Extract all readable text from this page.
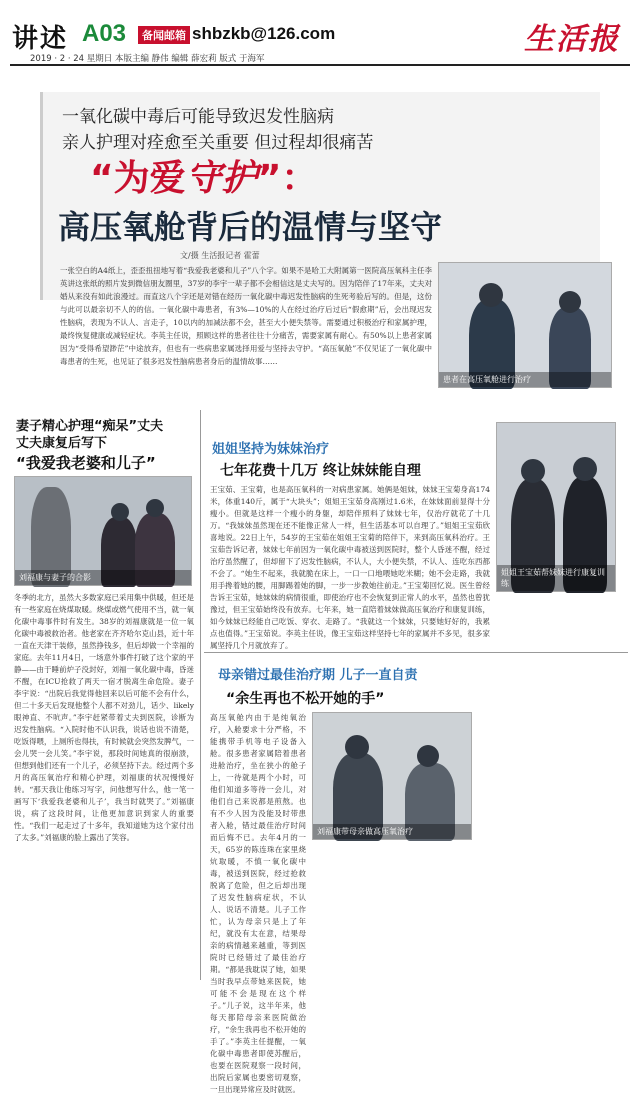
讲述 A03	备闻邮箱 shbzkb@126.com	生活报
2019 · 2 · 24 星期日 本版主编 静伟 编辑 薛宏莉 版式 于海军
一氧化碳中毒后可能导致迟发性脑病
亲人护理对痊愈至关重要 但过程却很痛苦
“为爱守护”：
高压氧舱背后的温情与坚守
文/摄 生活报记者 霍蕾
一张空白的A4纸上，歪歪扭扭地写着“我爱我老婆和儿子”八个字。如果不是哈工大附属第一医院高压氧科主任李英讲这张纸的照片发到微信朋友圈里，37岁的李宇一辈子都不会相信这是丈夫写的。因为陪伴了17年来，丈夫对婚从来没有如此浪漫过。而直这八个字还是对错在经历一氧化碳中毒迟发性脑病的生死考验后写的。但是，这份与此可以最亲切不人的的信。一氧化碳中毒患者，有3%—10%的人在经过治疗后过后“假愈期”后，会出现迟发性脑病，表现为不认人、言走子，10以内的加减法都不会，甚至大小便失禁等。需要通过积极治疗和家属护理，最终恢复健康或减轻症状。李英主任说，照顾这样的患者往往十分痛苦，需要家属有耐心。有50%以上患者家属因为“受得希望渺茫”中途放弃，但也有一些病患家属选择用爱与坚持去守护。“高压氧舱”不仅见证了一氧化碳中毒患者的生死，也见证了很多迟发性脑病患者身后的温情故事……
患者在高压氧舱进行治疗
妻子精心护理“痴呆”丈夫
丈夫康复后写下
“我爱我老婆和儿子”
刘福康与妻子的合影
冬季的北方，虽然大多数家庭已采用集中供暖，但还是有一些家庭在烧煤取暖。烧煤或燃气使用不当，就一氧化碳中毒事件时有发生。38岁的刘福康就是一位一氧化碳中毒被救治者。他老家在齐齐哈尔克山县，近十年一直在天津干装修，虽然挣钱多，但后却做一个幸福的家庭。去年11月4日，一场意外事件打破了这个家的平静——由于睡前炉子没封好，刘福一氧化碳中毒，昏迷不醒，在ICU抢救了两天一宿才脱离生命危险。妻子李宇说：“出院后我觉得他回来以后可能不会有什么，但二十多天后发现他整个人都不对劲儿，话少、likely 眼神直、不吭声。”李宇赶紧带着丈夫到医院，诊断为迟发性脑病。“入院时他不认识我，说话也说不清楚，吃饭得喂，上厕所也得扶，有时候就会突然发脾气，一会儿哭一会儿笑。”李宇说，那段时间她真的很崩溃，但想到他们还有一个儿子，必须坚持下去。经过两个多月的高压氧治疗和精心护理，刘福康的状况慢慢好转。“那天我让他练习写字，问他想写什么，他一笔一画写下‘我爱我老婆和儿子’，我当时就哭了。”刘福康说，病了这段时间，让他更加意识到家人的重要性。“我们一起走过了十多年，我知道她为这个家付出了太多。”刘福康的脸上露出了笑容。
姐姐坚持为妹妹治疗
七年花费十几万 终让妹妹能自理
姐姐王宝茹帮妹妹进行康复训练
王宝茹、王宝菊，也是高压氧科的一对病患家属。她俩是姐妹，妹妹王宝菊身高174米，体重140斤，属于“大块头”；姐姐王宝茹身高刚过1.6米，在妹妹面前显得十分瘦小。但就是这样一个瘦小的身躯，却陪伴照料了妹妹七年，仅治疗就花了十几万。“我妹妹虽然现在还不能像正常人一样，但生活基本可以自理了。”姐姐王宝茹欣喜地说。22日上午，54岁的王宝茹在姐姐王宝菊的陪伴下，来到高压氧科治疗。王宝茹告诉记者，妹妹七年前因为一氧化碳中毒被送到医院时，整个人昏迷不醒，经过治疗虽然醒了，但却留下了迟发性脑病，不认人，大小便失禁，不认人、连吃东西都不会了。“她生不起来，我就脆在床上，一口一口地喂她吃米糊；她不会走路，我就用手搀着她的腰，用脚踢着她的脚，一步一步教她往前走。”王宝菊回忆说。医生曾经告诉王宝茹，她妹妹的病情很重，即使治疗也不会恢复到正常人的水平，虽然也曾犹豫过，但王宝茹始终没有放弃。七年来，她一直陪着妹妹做高压氧治疗和康复训练，如今妹妹已经能自己吃饭、穿衣、走路了。“我就这一个妹妹，只要她好好的，我累点也值得。”王宝茹说。李英主任说，像王宝茹这样坚持七年的家属并不多见，很多家属坚持几个月就放弃了。
母亲错过最佳治疗期 儿子一直自责
“余生再也不松开她的手”
刘福康带母亲做高压氧治疗
高压氧舱内由于是纯氧治疗，入舱要求十分严格，不能携带手机等电子设备入舱。很多患者家属陪着患者进舱治疗，坐在狭小的舱子上，一待就是两个小时，可他们知道多等待一会儿，对他们自己来说都是煎熬。也有不少人因为没能及时带患者入舱，错过最佳治疗时间而后悔不已。去年4月的一天，65岁的陈连珠在家里烧炕取暖，不慎一氧化碳中毒，被送到医院，经过抢救脱离了危险，但之后却出现了迟发性脑病症状，不认人、说话不清楚。儿子工作忙，认为母亲只是上了年纪，就没有太在意，结果母亲的病情越来越重，等到医院时已经错过了最佳治疗期。“都是我耽误了她，如果当时我早点带她来医院，她可能不会是现在这个样子。”儿子说，这半年来，他每天都陪母亲来医院做治疗，“余生我再也不松开她的手了。”李英主任提醒，一氧化碳中毒患者即使苏醒后，也要在医院观察一段时间，出院后家属也要密切观察，一旦出现异常应及时就医。
